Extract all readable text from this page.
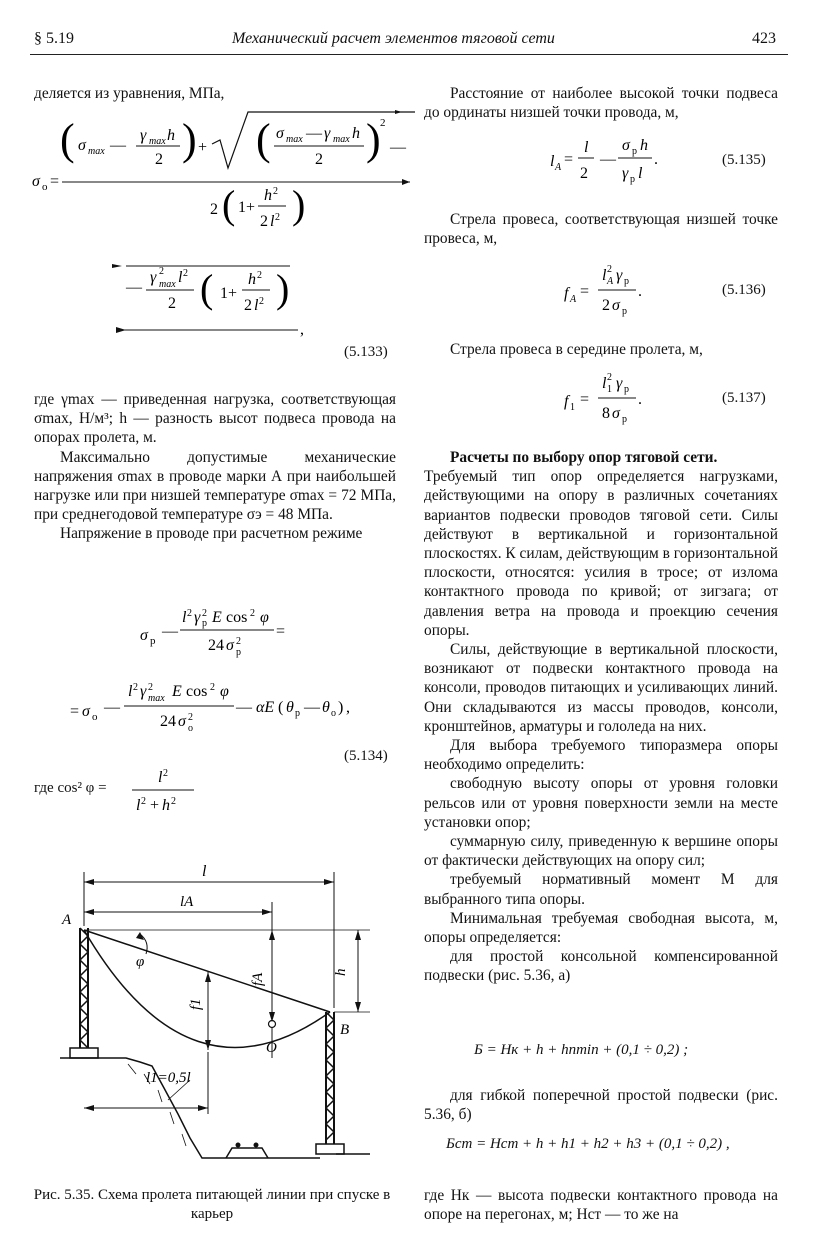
§ 5.19	Механический расчет элементов тяговой сети	423

деляется из уравнения, МПа,

σ o =
( σ max —
γ max h
2 ) + ( σ max — γ max h
2 ) 2
—
2 ( 1+
h 2
2 l 2 )
—
γ 2
max l 2
2 ( 1+
h 2
2 l 2 )
,
(5.133)

где γmax — приведенная нагрузка, соответствующая σmax, Н/м³; h — разность высот подвеса провода на опорах пролета, м.

Максимально допустимые механические напряжения σmax в проводе марки А при наибольшей нагрузке или при низшей температуре σmax = 72 МПа, при среднегодовой температуре σэ = 48 МПа.

Напряжение в проводе при расчетном режиме

σ р
—
l 2 γ 2
р E cos 2 φ
24 σ 2
р
=
= σ о
—
l 2 γ 2
max E cos 2 φ
24 σ 2
о
— αE ( θ р — θ о ) ,
(5.134)
где cos² φ =
l 2
l 2 + h 2
l
lA
A
B
O
h
fA
f1
φ
l1=0,5l
Рис. 5.35. Схема пролета питающей линии при спуске в карьер

Расстояние от наиболее высокой точки подвеса до ординаты низшей точки провода, м,

l A =
l
2
—
σ р h
γ р l
.	(5.135)

Стрела провеса, соответствующая низшей точке провеса, м,

f A =
l 2
A γ р
2 σ р
.	(5.136)

Стрела провеса в середине пролета, м,

f 1 =
l 2
1 γ р
8 σ р
.	(5.137)

Расчеты по выбору опор тяговой сети.

Требуемый тип опор определяется нагрузками, действующими на опору в различных сочетаниях вариантов подвески проводов тяговой сети. Силы действуют в вертикальной и горизонтальной плоскостях. К силам, действующим в горизонтальной плоскости, относятся: усилия в тросе; от излома контактного провода по кривой; от зигзага; от давления ветра на провода и проекцию сечения опоры.

Силы, действующие в вертикальной плоскости, возникают от подвески контактного провода на консоли, проводов питающих и усиливающих линий. Они складываются из массы проводов, консоли, кронштейнов, арматуры и гололеда на них.

Для выбора требуемого типоразмера опоры необходимо определить:

свободную высоту опоры от уровня головки рельсов или от уровня поверхности земли на месте установки опор;

суммарную силу, приведенную к вершине опоры от фактически действующих на опору сил;

требуемый нормативный момент M для выбранного типа опоры.

Минимальная требуемая свободная высота, м, опоры определяется:

для простой консольной компенсированной подвески (рис. 5.36, а)

Б = Hк + h + hпmin + (0,1 ÷ 0,2) ;

для гибкой поперечной простой подвески (рис. 5.36, б)

Бст = Hст + h + h1 + h2 + h3 + (0,1 ÷ 0,2) ,

где Hк — высота подвески контактного провода на опоре на перегонах, м; Hст — то же на
